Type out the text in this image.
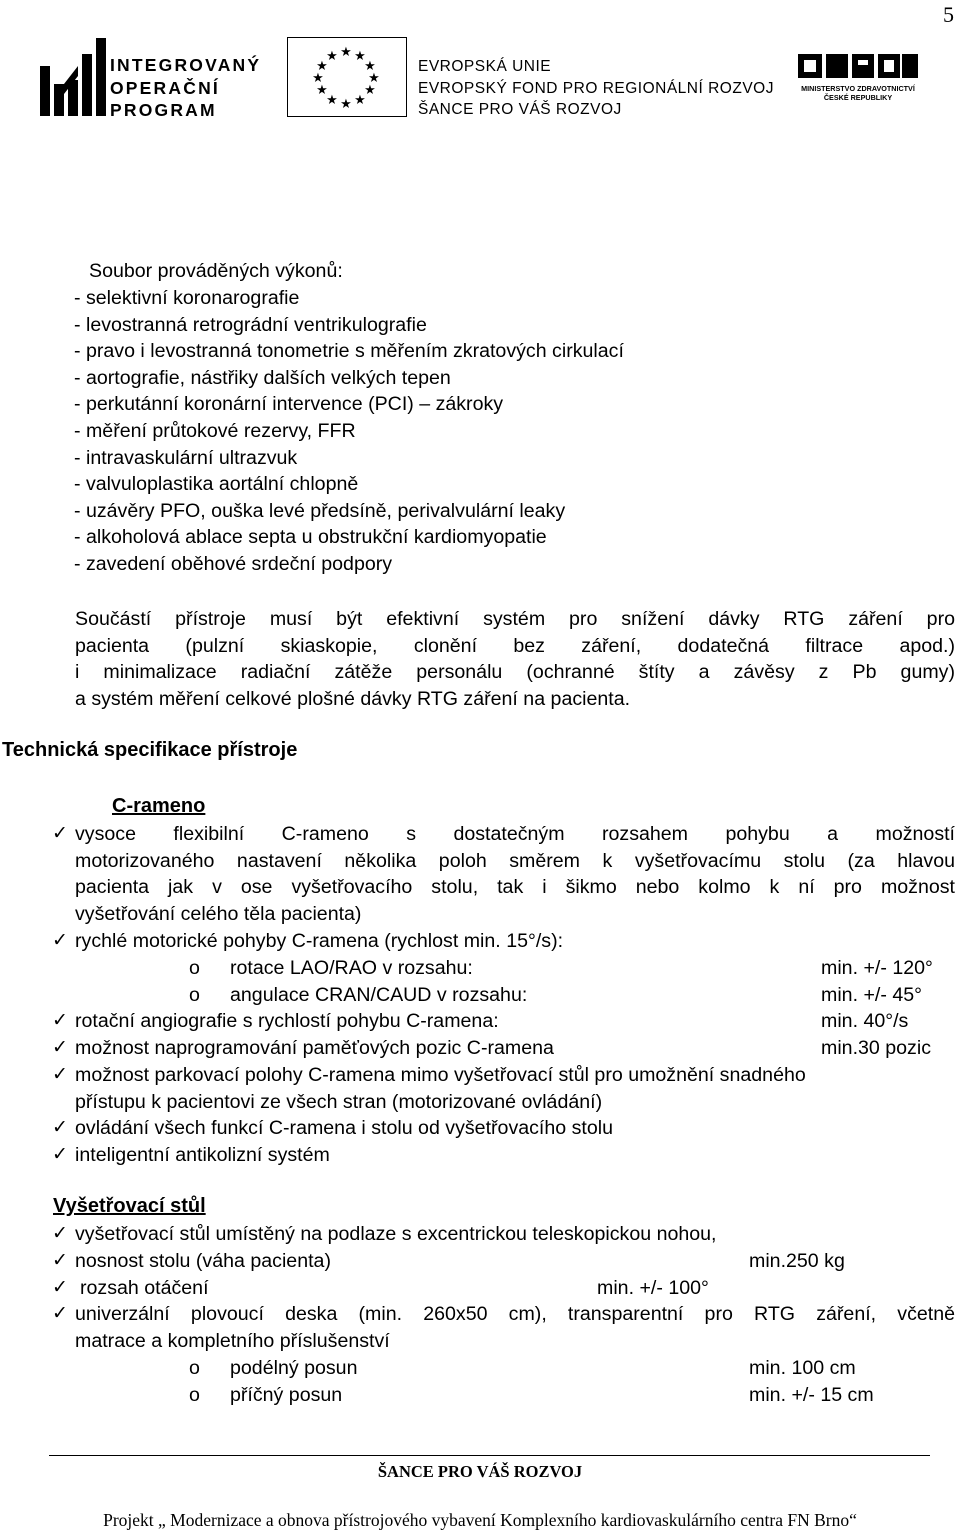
5
INTEGROVANÝ
OPERAČNÍ
PROGRAM
★ ★
★
★
★
★
★
★
★
★
★
★
EVROPSKÁ UNIE
EVROPSKÝ FOND PRO REGIONÁLNÍ ROZVOJ
ŠANCE PRO VÁŠ ROZVOJ
MINISTERSTVO ZDRAVOTNICTVÍ
ČESKÉ REPUBLIKY
Soubor prováděných výkonů:
- selektivní koronarografie
- levostranná retrográdní ventrikulografie
- pravo i levostranná tonometrie s měřením zkratových cirkulací
- aortografie, nástřiky dalších velkých tepen
- perkutánní koronární intervence (PCI) – zákroky
- měření průtokové rezervy, FFR
- intravaskulární ultrazvuk
- valvuloplastika aortální chlopně
- uzávěry PFO, ouška levé předsíně, perivalvulární leaky
- alkoholová ablace septa u obstrukční kardiomyopatie
- zavedení oběhové srdeční podpory
Součástí přístroje musí být efektivní systém pro snížení dávky RTG záření pro
pacienta (pulzní skiaskopie, clonění bez záření, dodatečná filtrace apod.)
i minimalizace radiační zátěže personálu (ochranné štíty a závěsy z Pb gumy)
a systém měření celkové plošné dávky RTG záření na pacienta.
Technická specifikace přístroje
C-rameno
✓ vysoce flexibilní C-rameno s dostatečným rozsahem pohybu a možností
motorizovaného nastavení několika poloh směrem k vyšetřovacímu stolu (za hlavou
pacienta jak v ose vyšetřovacího stolu, tak i šikmo nebo kolmo k ní pro možnost
vyšetřování celého těla pacienta)
✓ rychlé motorické pohyby C-ramena (rychlost min. 15°/s):
o rotace LAO/RAO v rozsahu:	min. +/- 120°
o angulace CRAN/CAUD v rozsahu:	min. +/- 45°
✓ rotační angiografie s rychlostí pohybu C-ramena:	min. 40°/s
✓ možnost naprogramování paměťových pozic C-ramena	min.30 pozic
✓ možnost parkovací polohy C-ramena mimo vyšetřovací stůl pro umožnění snadného
přístupu k pacientovi ze všech stran (motorizované ovládání)
✓ ovládání všech funkcí C-ramena i stolu od vyšetřovacího stolu
✓ inteligentní antikolizní systém
Vyšetřovací stůl
✓ vyšetřovací stůl umístěný na podlaze s excentrickou teleskopickou nohou,
✓ nosnost stolu (váha pacienta)	min.250 kg
✓ rozsah otáčení	min. +/- 100°
✓ univerzální plovoucí deska (min. 260x50 cm), transparentní pro RTG záření, včetně
matrace a kompletního příslušenství
o podélný posun	min. 100 cm
o příčný posun	min. +/- 15 cm
ŠANCE PRO VÁŠ ROZVOJ
Projekt „ Modernizace a obnova přístrojového vybavení Komplexního kardiovaskulárního centra FN Brno“
